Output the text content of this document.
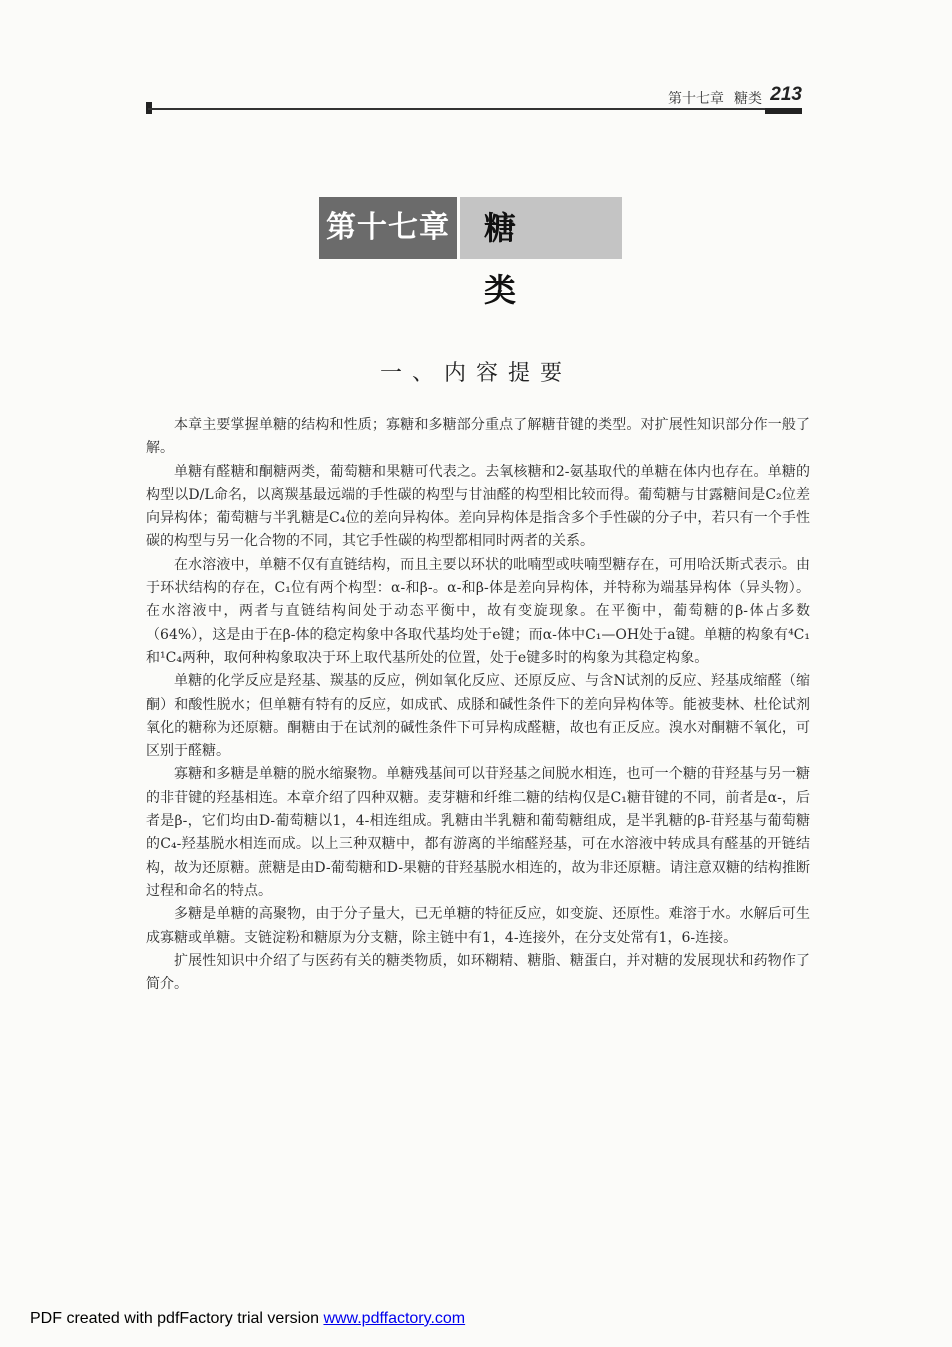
第十七章 糖类 213
第十七章	糖类
一、内容提要

本章主要掌握单糖的结构和性质；寡糖和多糖部分重点了解糖苷键的类型。对扩展性知识部分作一般了解。

单糖有醛糖和酮糖两类，葡萄糖和果糖可代表之。去氧核糖和2-氨基取代的单糖在体内也存在。单糖的构型以D/L命名，以离羰基最远端的手性碳的构型与甘油醛的构型相比较而得。葡萄糖与甘露糖间是C₂位差向异构体；葡萄糖与半乳糖是C₄位的差向异构体。差向异构体是指含多个手性碳的分子中，若只有一个手性碳的构型与另一化合物的不同，其它手性碳的构型都相同时两者的关系。

在水溶液中，单糖不仅有直链结构，而且主要以环状的吡喃型或呋喃型糖存在，可用哈沃斯式表示。由于环状结构的存在，C₁位有两个构型：α-和β-。α-和β-体是差向异构体，并特称为端基异构体（异头物）。在水溶液中，两者与直链结构间处于动态平衡中，故有变旋现象。在平衡中，葡萄糖的β-体占多数（64%），这是由于在β-体的稳定构象中各取代基均处于e键；而α-体中C₁—OH处于a键。单糖的构象有⁴C₁和¹C₄两种，取何种构象取决于环上取代基所处的位置，处于e键多时的构象为其稳定构象。

单糖的化学反应是羟基、羰基的反应，例如氧化反应、还原反应、与含N试剂的反应、羟基成缩醛（缩酮）和酸性脱水；但单糖有特有的反应，如成甙、成脎和碱性条件下的差向异构体等。能被斐林、杜伦试剂氧化的糖称为还原糖。酮糖由于在试剂的碱性条件下可异构成醛糖，故也有正反应。溴水对酮糖不氧化，可区别于醛糖。

寡糖和多糖是单糖的脱水缩聚物。单糖残基间可以苷羟基之间脱水相连，也可一个糖的苷羟基与另一糖的非苷键的羟基相连。本章介绍了四种双糖。麦芽糖和纤维二糖的结构仅是C₁糖苷键的不同，前者是α-，后者是β-，它们均由D-葡萄糖以1，4-相连组成。乳糖由半乳糖和葡萄糖组成，是半乳糖的β-苷羟基与葡萄糖的C₄-羟基脱水相连而成。以上三种双糖中，都有游离的半缩醛羟基，可在水溶液中转成具有醛基的开链结构，故为还原糖。蔗糖是由D-葡萄糖和D-果糖的苷羟基脱水相连的，故为非还原糖。请注意双糖的结构推断过程和命名的特点。

多糖是单糖的高聚物，由于分子量大，已无单糖的特征反应，如变旋、还原性。难溶于水。水解后可生成寡糖或单糖。支链淀粉和糖原为分支糖，除主链中有1，4-连接外，在分支处常有1，6-连接。

扩展性知识中介绍了与医药有关的糖类物质，如环糊精、糖脂、糖蛋白，并对糖的发展现状和药物作了简介。

PDF created with pdfFactory trial version www.pdffactory.com
